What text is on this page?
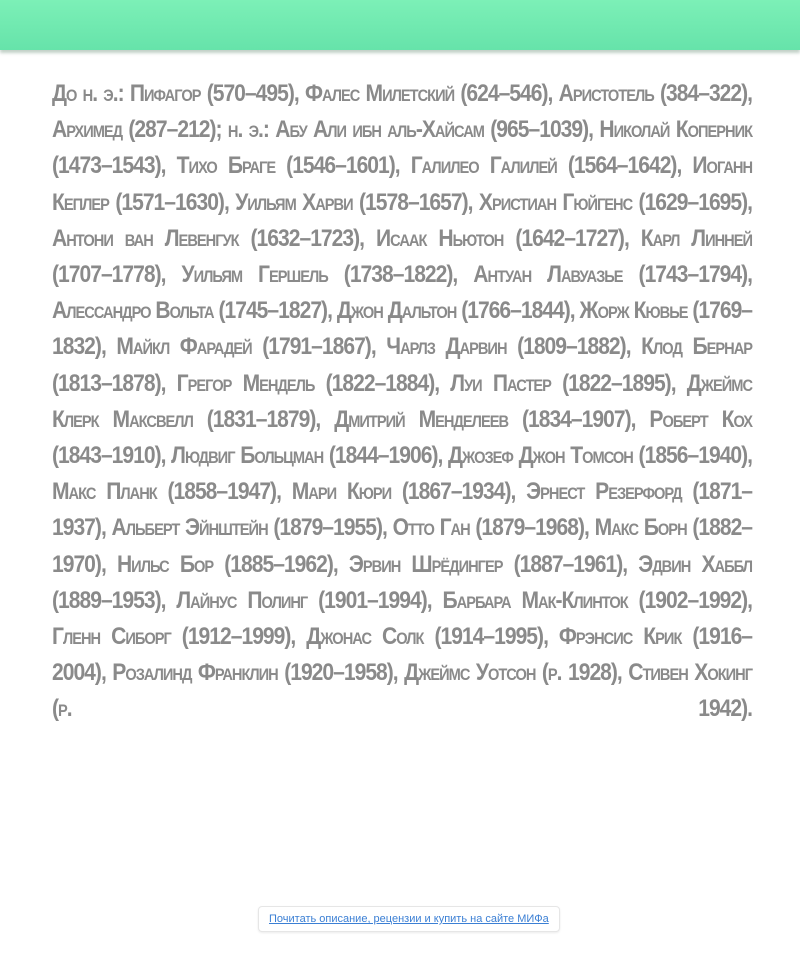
До н. э.: Пифагор (570–495), Фалес Милетский (624–546), Аристотель (384–322), Архимед (287–212); н. э.: Абу Али ибн аль-Хайсам (965–1039), Николай Коперник (1473–1543), Тихо Браге (1546–1601), Галилео Галилей (1564–1642), Иоганн Кеплер (1571–1630), Уильям Харви (1578–1657), Христиан Гюйгенс (1629–1695), Антони ван Левенгук (1632–1723), Исаак Ньютон (1642–1727), Карл Линней (1707–1778), Уильям Гершель (1738–1822), Антуан Лавуазье (1743–1794), Алессандро Вольта (1745–1827), Джон Дальтон (1766–1844), Жорж Кювье (1769–1832), Майкл Фарадей (1791–1867), Чарлз Дарвин (1809–1882), Клод Бернар (1813–1878), Грегор Мендель (1822–1884), Луи Пастер (1822–1895), Джеймс Клерк Максвелл (1831–1879), Дмитрий Менделеев (1834–1907), Роберт Кох (1843–1910), Людвиг Больцман (1844–1906), Джозеф Джон Томсон (1856–1940), Макс Планк (1858–1947), Мари Кюри (1867–1934), Эрнест Резерфорд (1871–1937), Альберт Эйнштейн (1879–1955), Отто Ган (1879–1968), Макс Борн (1882–1970), Нильс Бор (1885–1962), Эрвин Шрёдингер (1887–1961), Эдвин Хаббл (1889–1953), Лайнус Полинг (1901–1994), Барбара Мак-Клинток (1902–1992), Гленн Сиборг (1912–1999), Джонас Солк (1914–1995), Фрэнсис Крик (1916–2004), Розалинд Франклин (1920–1958), Джеймс Уотсон (р. 1928), Стивен Хокинг (р. 1942).

Почитать описание, рецензии и купить на сайте МИФа
